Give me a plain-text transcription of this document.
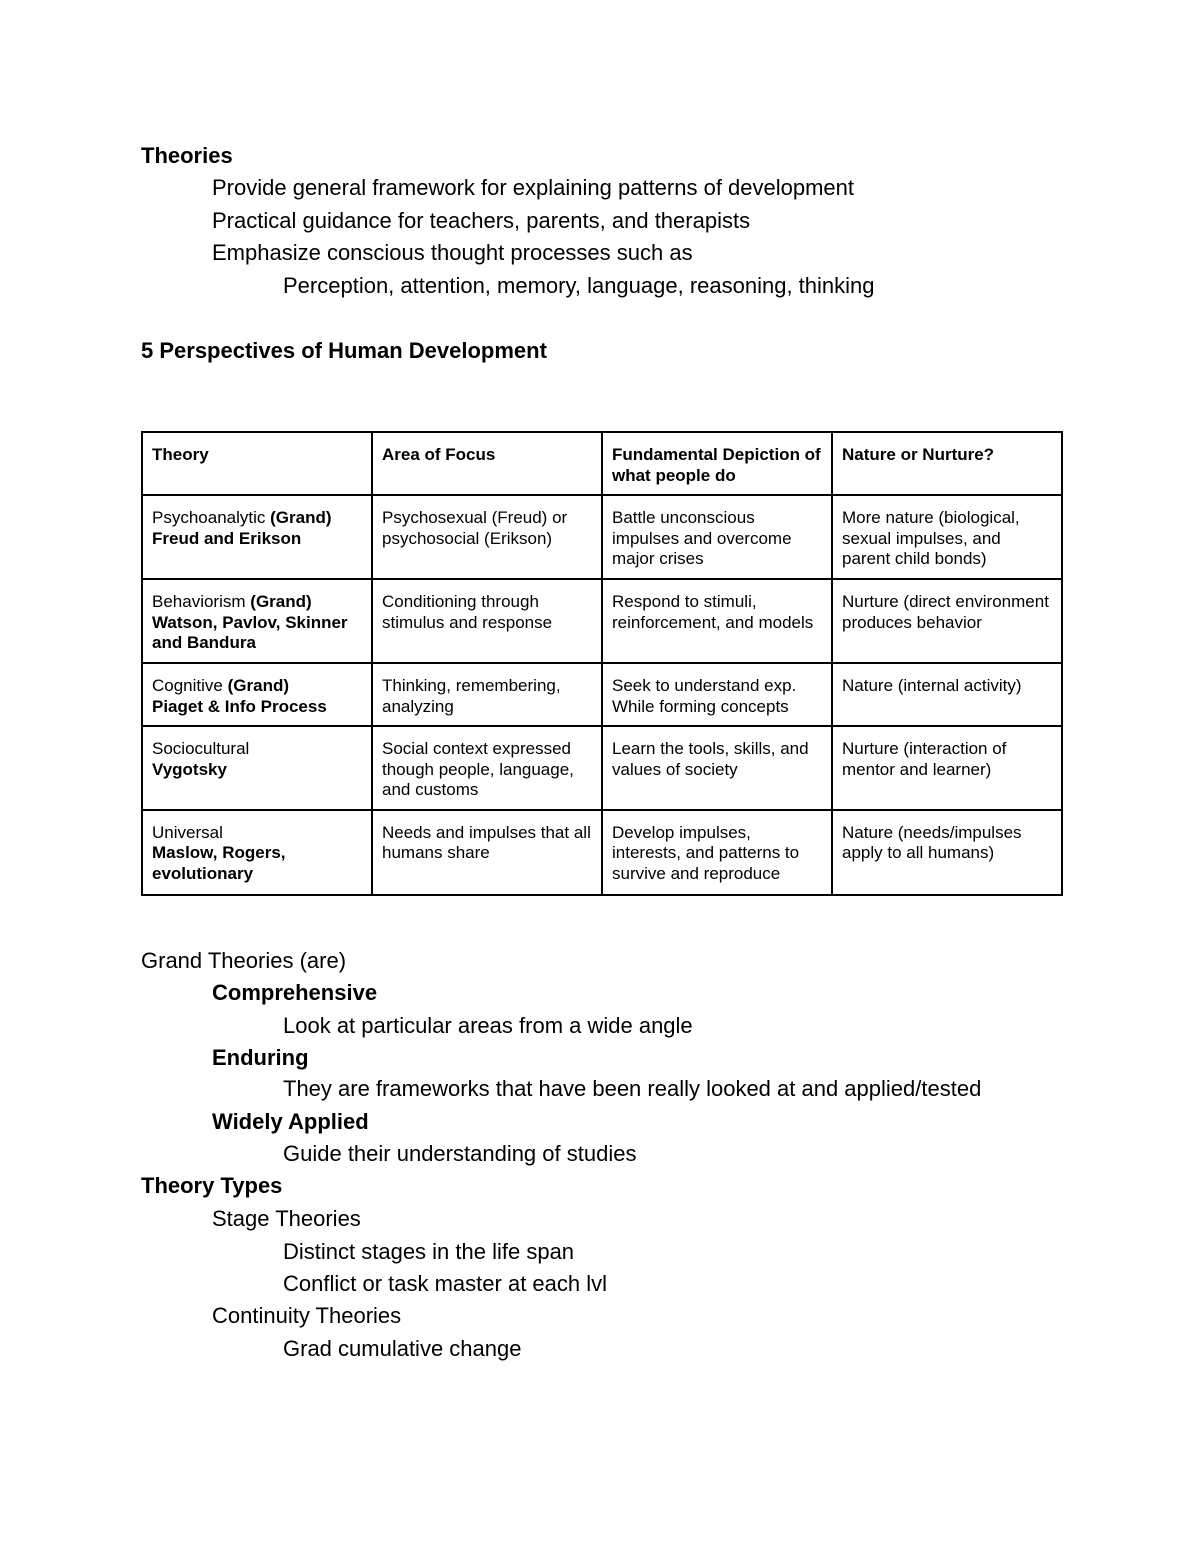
Theories
Provide general framework for explaining patterns of development
Practical guidance for teachers, parents, and therapists
Emphasize conscious thought processes such as
Perception, attention, memory, language, reasoning, thinking
5 Perspectives of Human Development
Theory	Area of Focus	Fundamental Depiction of what people do	Nature or Nurture?
Psychoanalytic (Grand)
Freud and Erikson	Psychosexual (Freud) or psychosocial (Erikson)	Battle unconscious impulses and overcome major crises	More nature (biological, sexual impulses, and parent child bonds)
Behaviorism (Grand)
Watson, Pavlov, Skinner and Bandura	Conditioning through stimulus and response	Respond to stimuli, reinforcement, and models	Nurture (direct environment produces behavior
Cognitive (Grand)
Piaget & Info Process	Thinking, remembering, analyzing	Seek to understand exp. While forming concepts	Nature (internal activity)
Sociocultural
Vygotsky	Social context expressed though people, language, and customs	Learn the tools, skills, and values of society	Nurture (interaction of mentor and learner)
Universal
Maslow, Rogers, evolutionary	Needs and impulses that all humans share	Develop impulses, interests, and patterns to survive and reproduce	Nature (needs/impulses apply to all humans)
Grand Theories (are)
Comprehensive
Look at particular areas from a wide angle
Enduring
They are frameworks that have been really looked at and applied/tested
Widely Applied
Guide their understanding of studies
Theory Types
Stage Theories
Distinct stages in the life span
Conflict or task master at each lvl
Continuity Theories
Grad cumulative change
